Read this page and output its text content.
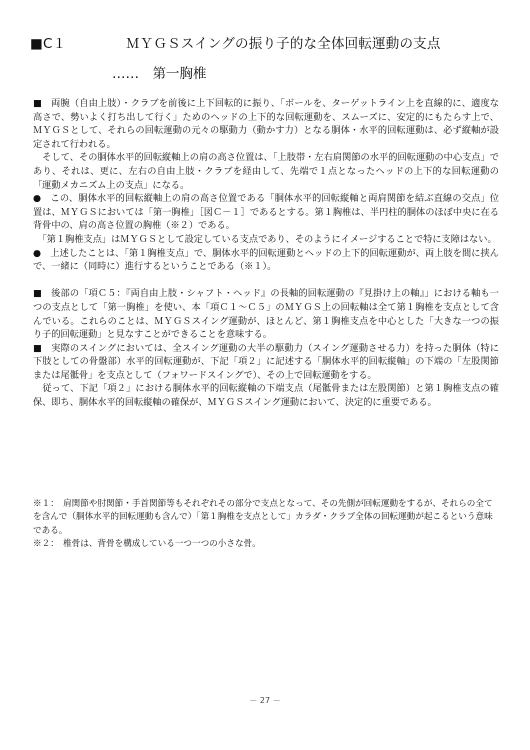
■C１	ＭＹＧＳスイングの振り子的な全体回転運動の支点
……　第一胸椎

■　両腕（自由上肢）・クラブを前後に上下回転的に振り、「ボールを、ターゲットライン上を直線的に、適度な高さで、勢いよく打ち出して行く」ためのヘッドの上下的な回転運動を、スムーズに、安定的にもたらす上で、ＭＹＧＳとして、それらの回転運動の元々の駆動力（動かす力）となる胴体・水平的回転運動は、必ず縦軸が設定されて行われる。

　そして、その胴体水平的回転縦軸上の肩の高さ位置は、「上肢帯・左右肩関節の水平的回転運動の中心支点」であり、それは、更に、左右の自由上肢・クラブを経由して、先端で１点となったヘッドの上下的な回転運動の「運動メカニズム上の支点」になる。

●　この、胴体水平的回転縦軸上の肩の高さ位置である「胴体水平的回転縦軸と両肩関節を結ぶ直線の交点」位置は、ＭＹＧＳにおいては「第一胸椎」［図Ｃ－１］であるとする。第１胸椎は、半円柱的胴体のほぼ中央に在る背骨中の、肩の高さ位置の胸椎（※２）である。

　「第１胸椎支点」はＭＹＧＳとして設定している支点であり、そのようにイメージすることで特に支障はない。

●　上述したことは、「第１胸椎支点」で、胴体水平的回転運動とヘッドの上下的回転運動が、両上肢を間に挟んで、一緒に（同時に）進行するということである（※１）。

■　後部の「項Ｃ５：『両自由上肢・シャフト・ヘッド』の長軸的回転運動の『見掛け上の軸』」における軸も一つの支点として「第一胸椎」を使い、本「項Ｃ１～Ｃ５」のＭＹＧＳ上の回転軸は全て第１胸椎を支点として含んでいる。これらのことは、ＭＹＧＳスイング運動が、ほとんど、第１胸椎支点を中心とした「大きな一つの振り子的回転運動」と見なすことができることを意味する。

■　実際のスイングにおいては、全スイング運動の大半の駆動力（スイング運動させる力）を持った胴体（特に下肢としての骨盤部）水平的回転運動が、下記「項２」に記述する「胴体水平的回転縦軸」の下端の「左股関節または尾骶骨」を支点として（フォワードスイングで）、その上で回転運動をする。

　従って、下記「項２」における胴体水平的回転縦軸の下端支点（尾骶骨または左股関節）と第１胸椎支点の確保、即ち、胴体水平的回転縦軸の確保が、ＭＹＧＳスイング運動において、決定的に重要である。

※１：　肩関節や肘関節・手首関節等もそれぞれその部分で支点となって、その先側が回転運動をするが、それらの全てを含んで（胴体水平的回転運動も含んで）「第１胸椎を支点として」カラダ・クラブ全体の回転運動が起こるという意味である。

※２：　椎骨は、背骨を構成している一つ一つの小さな骨。

－ 27 －
